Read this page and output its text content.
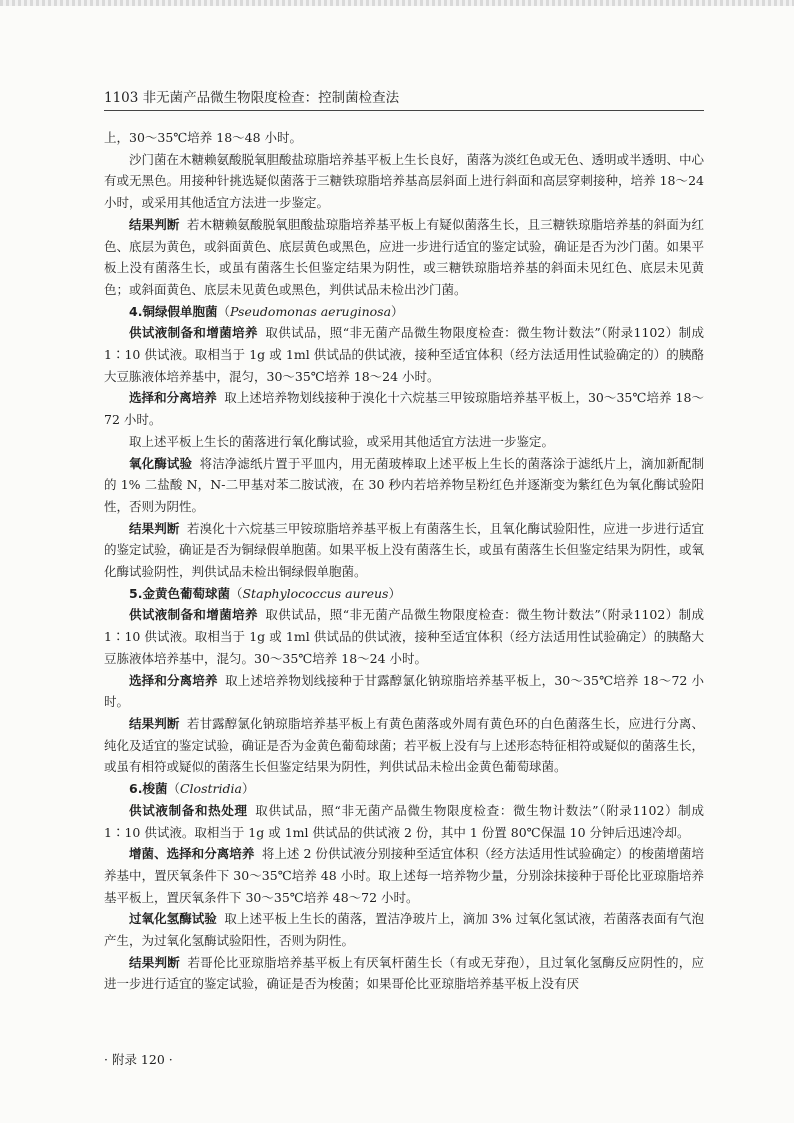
1103 非无菌产品微生物限度检查：控制菌检查法

上，30～35℃培养 18～48 小时。

沙门菌在木糖赖氨酸脱氧胆酸盐琼脂培养基平板上生长良好，菌落为淡红色或无色、透明或半透明、中心有或无黑色。用接种针挑选疑似菌落于三糖铁琼脂培养基高层斜面上进行斜面和高层穿刺接种，培养 18～24 小时，或采用其他适宜方法进一步鉴定。

结果判断 若木糖赖氨酸脱氧胆酸盐琼脂培养基平板上有疑似菌落生长，且三糖铁琼脂培养基的斜面为红色、底层为黄色，或斜面黄色、底层黄色或黑色，应进一步进行适宜的鉴定试验，确证是否为沙门菌。如果平板上没有菌落生长，或虽有菌落生长但鉴定结果为阴性，或三糖铁琼脂培养基的斜面未见红色、底层未见黄色；或斜面黄色、底层未见黄色或黑色，判供试品未检出沙门菌。

4.铜绿假单胞菌（Pseudomonas aeruginosa）

供试液制备和增菌培养 取供试品，照“非无菌产品微生物限度检查：微生物计数法”（附录1102）制成 1∶10 供试液。取相当于 1g 或 1ml 供试品的供试液，接种至适宜体积（经方法适用性试验确定的）的胰酪大豆胨液体培养基中，混匀，30～35℃培养 18～24 小时。

选择和分离培养 取上述培养物划线接种于溴化十六烷基三甲铵琼脂培养基平板上，30～35℃培养 18～72 小时。

取上述平板上生长的菌落进行氧化酶试验，或采用其他适宜方法进一步鉴定。

氧化酶试验 将洁净滤纸片置于平皿内，用无菌玻棒取上述平板上生长的菌落涂于滤纸片上，滴加新配制的 1% 二盐酸 N，N-二甲基对苯二胺试液，在 30 秒内若培养物呈粉红色并逐渐变为紫红色为氧化酶试验阳性，否则为阴性。

结果判断 若溴化十六烷基三甲铵琼脂培养基平板上有菌落生长，且氧化酶试验阳性，应进一步进行适宜的鉴定试验，确证是否为铜绿假单胞菌。如果平板上没有菌落生长，或虽有菌落生长但鉴定结果为阴性，或氧化酶试验阴性，判供试品未检出铜绿假单胞菌。

5.金黄色葡萄球菌（Staphylococcus aureus）

供试液制备和增菌培养 取供试品，照“非无菌产品微生物限度检查：微生物计数法”（附录1102）制成 1∶10 供试液。取相当于 1g 或 1ml 供试品的供试液，接种至适宜体积（经方法适用性试验确定）的胰酪大豆胨液体培养基中，混匀。30～35℃培养 18～24 小时。

选择和分离培养 取上述培养物划线接种于甘露醇氯化钠琼脂培养基平板上，30～35℃培养 18～72 小时。

结果判断 若甘露醇氯化钠琼脂培养基平板上有黄色菌落或外周有黄色环的白色菌落生长，应进行分离、纯化及适宜的鉴定试验，确证是否为金黄色葡萄球菌；若平板上没有与上述形态特征相符或疑似的菌落生长，或虽有相符或疑似的菌落生长但鉴定结果为阴性，判供试品未检出金黄色葡萄球菌。

6.梭菌（Clostridia）

供试液制备和热处理 取供试品，照“非无菌产品微生物限度检查：微生物计数法”（附录1102）制成 1∶10 供试液。取相当于 1g 或 1ml 供试品的供试液 2 份，其中 1 份置 80℃保温 10 分钟后迅速冷却。

增菌、选择和分离培养 将上述 2 份供试液分别接种至适宜体积（经方法适用性试验确定）的梭菌增菌培养基中，置厌氧条件下 30～35℃培养 48 小时。取上述每一培养物少量，分别涂抹接种于哥伦比亚琼脂培养基平板上，置厌氧条件下 30～35℃培养 48～72 小时。

过氧化氢酶试验 取上述平板上生长的菌落，置洁净玻片上，滴加 3% 过氧化氢试液，若菌落表面有气泡产生，为过氧化氢酶试验阳性，否则为阴性。

结果判断 若哥伦比亚琼脂培养基平板上有厌氧杆菌生长（有或无芽孢），且过氧化氢酶反应阴性的，应进一步进行适宜的鉴定试验，确证是否为梭菌；如果哥伦比亚琼脂培养基平板上没有厌

· 附录 120 ·
